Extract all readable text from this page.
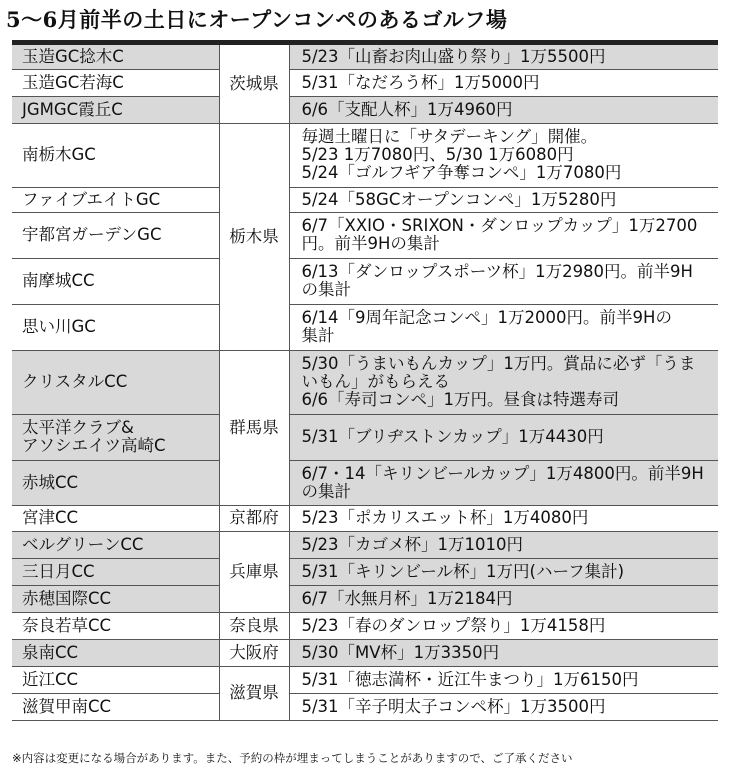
5〜6月前半の土日にオープンコンペのあるゴルフ場
玉造GC捻木C	茨城県	5/23「山畜お肉山盛り祭り」1万5500円

玉造GC若海C		5/31「なだろう杯」1万5000円

JGMGC霞丘C		6/6「支配人杯」1万4960円

南栃木GC	栃木県	毎週土曜日に「サタデーキング」開催。
5/23 1万7080円、5/30 1万6080円
5/24「ゴルフギア争奪コンペ」1万7080円

ファイブエイトGC		5/24「58GCオープンコンペ」1万5280円

宇都宮ガーデンGC		6/7「XXIO・SRIXON・ダンロップカップ」1万2700
円。前半9Hの集計

南摩城CC		6/13「ダンロップスポーツ杯」1万2980円。前半9H
の集計

思い川GC		6/14「9周年記念コンペ」1万2000円。前半9Hの
集計

クリスタルCC	群馬県	5/30「うまいもんカップ」1万円。賞品に必ず「うま
いもん」がもらえる
6/6「寿司コンペ」1万円。昼食は特選寿司

太平洋クラブ&
アソシエイツ高崎C		5/31「ブリヂストンカップ」1万4430円

赤城CC		6/7・14「キリンビールカップ」1万4800円。前半9H
の集計

宮津CC	京都府	5/23「ポカリスエット杯」1万4080円

ベルグリーンCC	兵庫県	5/23「カゴメ杯」1万1010円

三日月CC		5/31「キリンビール杯」1万円(ハーフ集計)

赤穂国際CC		6/7「水無月杯」1万2184円

奈良若草CC	奈良県	5/23「春のダンロップ祭り」1万4158円

泉南CC	大阪府	5/30「MV杯」1万3350円

近江CC	滋賀県	5/31「徳志満杯・近江牛まつり」1万6150円

滋賀甲南CC		5/31「辛子明太子コンペ杯」1万3500円
※内容は変更になる場合があります。また、予約の枠が埋まってしまうことがありますので、ご了承ください
